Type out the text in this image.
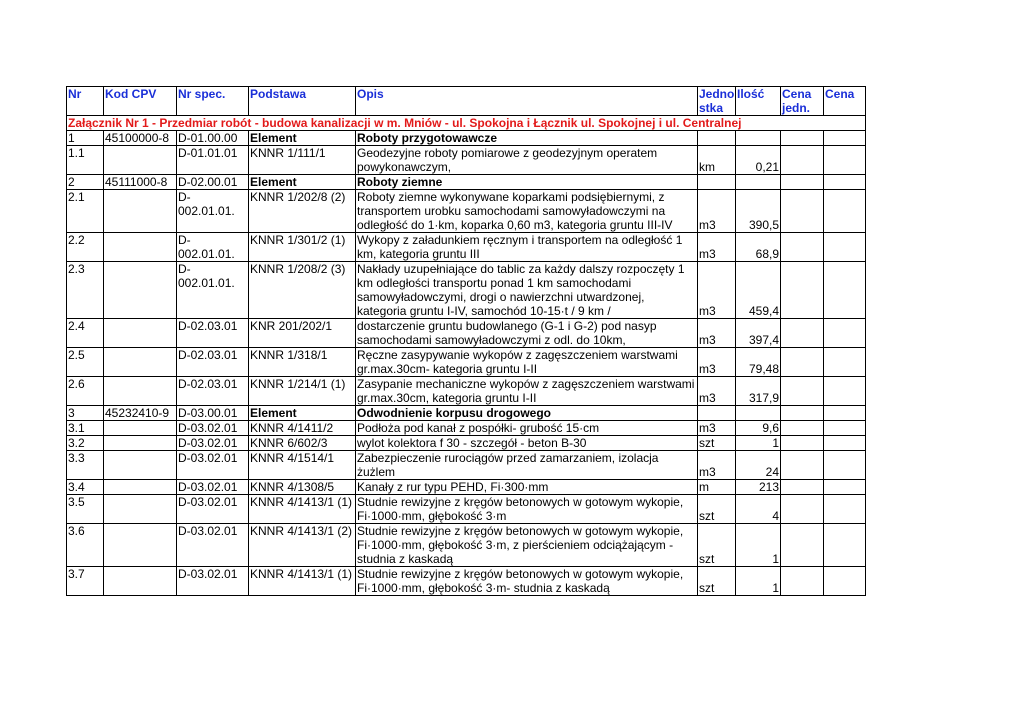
Nr	Kod CPV	Nr spec.	Podstawa	Opis	Jedno stka	Ilość	Cena jedn.	Cena
Załącznik Nr 1 - Przedmiar robót - budowa kanalizacji w m. Mniów - ul. Spokojna i Łącznik ul. Spokojnej i ul. Centralnej								
1	45100000-8	D-01.00.00	Element	Roboty przygotowawcze				
1.1		D-01.01.01	KNNR 1/111/1	Geodezyjne roboty pomiarowe z geodezyjnym operatem powykonawczym,	km	0,21		
2	45111000-8	D-02.00.01	Element	Roboty ziemne				
2.1		D-002.01.01.	KNNR 1/202/8 (2)	Roboty ziemne wykonywane koparkami podsiębiernymi, z transportem urobku samochodami samowyładowczymi na odległość do 1·km, koparka 0,60 m3, kategoria gruntu III-IV	m3	390,5		
2.2		D-002.01.01.	KNNR 1/301/2 (1)	Wykopy z załadunkiem ręcznym i transportem na odległość 1 km, kategoria gruntu III	m3	68,9		
2.3		D-002.01.01.	KNNR 1/208/2 (3)	Nakłady uzupełniające do tablic za każdy dalszy rozpoczęty 1 km odległości transportu ponad 1 km samochodami samowyładowczymi, drogi o nawierzchni utwardzonej, kategoria gruntu I-IV, samochód 10-15·t / 9 km /	m3	459,4		
2.4		D-02.03.01	KNR 201/202/1	dostarczenie gruntu budowlanego (G-1 i G-2) pod nasyp samochodami samowyładowczymi z odl. do 10km,	m3	397,4		
2.5		D-02.03.01	KNNR 1/318/1	Ręczne zasypywanie wykopów z zagęszczeniem warstwami gr.max.30cm- kategoria gruntu I-II	m3	79,48		
2.6		D-02.03.01	KNNR 1/214/1 (1)	Zasypanie mechaniczne wykopów z zagęszczeniem warstwami gr.max.30cm, kategoria gruntu I-II	m3	317,9		
3	45232410-9	D-03.00.01	Element	Odwodnienie korpusu drogowego				
3.1		D-03.02.01	KNNR 4/1411/2	Podłoża pod kanał z pospółki- grubość 15·cm	m3	9,6		
3.2		D-03.02.01	KNNR 6/602/3	wylot kolektora f 30 - szczegół - beton B-30	szt	1		
3.3		D-03.02.01	KNNR 4/1514/1	Zabezpieczenie rurociągów przed zamarzaniem, izolacja żużlem	m3	24		
3.4		D-03.02.01	KNNR 4/1308/5	Kanały z rur typu PEHD, Fi·300·mm	m	213		
3.5		D-03.02.01	KNNR 4/1413/1 (1)	Studnie rewizyjne z kręgów betonowych w gotowym wykopie, Fi·1000·mm, głębokość 3·m	szt	4		
3.6		D-03.02.01	KNNR 4/1413/1 (2)	Studnie rewizyjne z kręgów betonowych w gotowym wykopie, Fi·1000·mm, głębokość 3·m, z pierścieniem odciążającym - studnia z kaskadą	szt	1		
3.7		D-03.02.01	KNNR 4/1413/1 (1)	Studnie rewizyjne z kręgów betonowych w gotowym wykopie, Fi·1000·mm, głębokość 3·m- studnia z kaskadą	szt	1		
